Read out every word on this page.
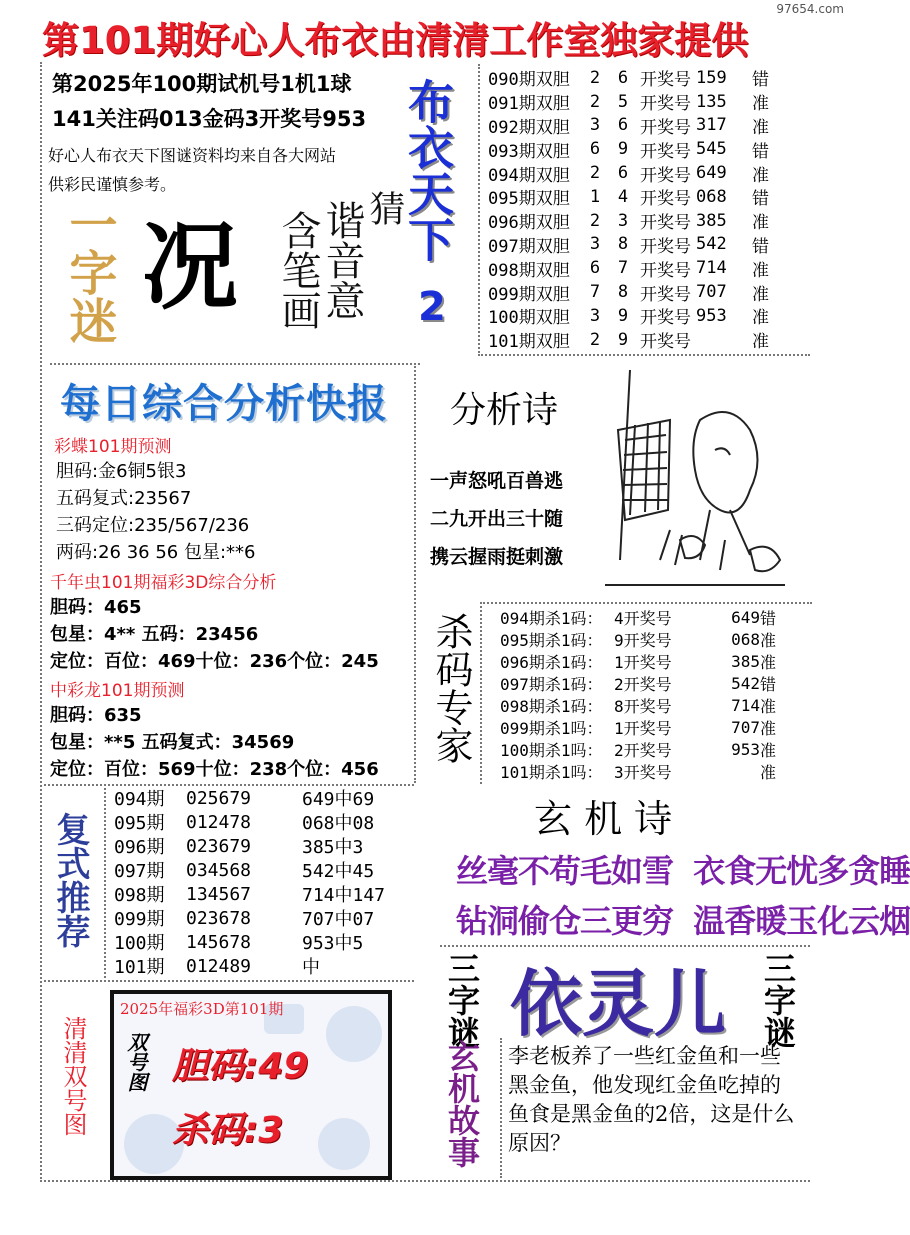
97654.com
第101期好心人布衣由清清工作室独家提供
第2025年100期试机号1机1球
141关注码013金码3开奖号953
好心人布衣天下图谜资料均来自各大网站
供彩民谨慎参考。	布衣天下
2
一字迷 况 谐音意
含笔画
猜
090期双胆	2	6 开奖号 159	错
091期双胆	2	5 开奖号 135	准
092期双胆	3	6 开奖号 317	准
093期双胆	6	9 开奖号 545	错
094期双胆	2	6 开奖号 649	准
095期双胆	1	4 开奖号 068	错
096期双胆	2	3 开奖号 385	准
097期双胆	3	8 开奖号 542	错
098期双胆	6	7 开奖号 714	准
099期双胆	7	8 开奖号 707	准
100期双胆	3	9 开奖号 953	准
101期双胆	2	9 开奖号	准
每日综合分析快报
彩蝶101期预测
胆码:金6铜5银3
五码复式:23567
三码定位:235/567/236
两码:26 36 56 包星:**6
千年虫101期福彩3D综合分析
胆码：465
包星：4** 五码：23456
定位：百位：469十位：236个位：245
中彩龙101期预测
胆码：635
包星：**5 五码复式：34569
定位：百位：569十位：238个位：456
分析诗
一声怒吼百兽逃
二九开出三十随
携云握雨挺刺激
杀码专家 094期杀1码： 4开奖号	649 错
095期杀1码： 9开奖号	068 准
096期杀1码： 1开奖号	385 准
097期杀1码： 2开奖号	542 错
098期杀1码： 8开奖号	714 准
099期杀1吗： 1开奖号	707 准
100期杀1吗： 2开奖号	953 准
101期杀1吗： 3开奖号	准
复式推荐
094期	025679	649中69
095期	012478	068中08
096期	023679	385中3
097期	034568	542中45
098期	134567	714中147
099期	023678	707中07
100期	145678	953中5
101期	012489	中
玄 机 诗
丝毫不苟毛如雪  衣食无忧多贪睡
钻洞偷仓三更穷  温香暖玉化云烟
三字谜 依灵儿 三字谜
玄机故事 李老板养了一些红金鱼和一些黑金鱼，他发现红金鱼吃掉的鱼食是黑金鱼的2倍，这是什么原因？
清清双号图
2025年福彩3D第101期
双号图 胆码:49
杀码:3
